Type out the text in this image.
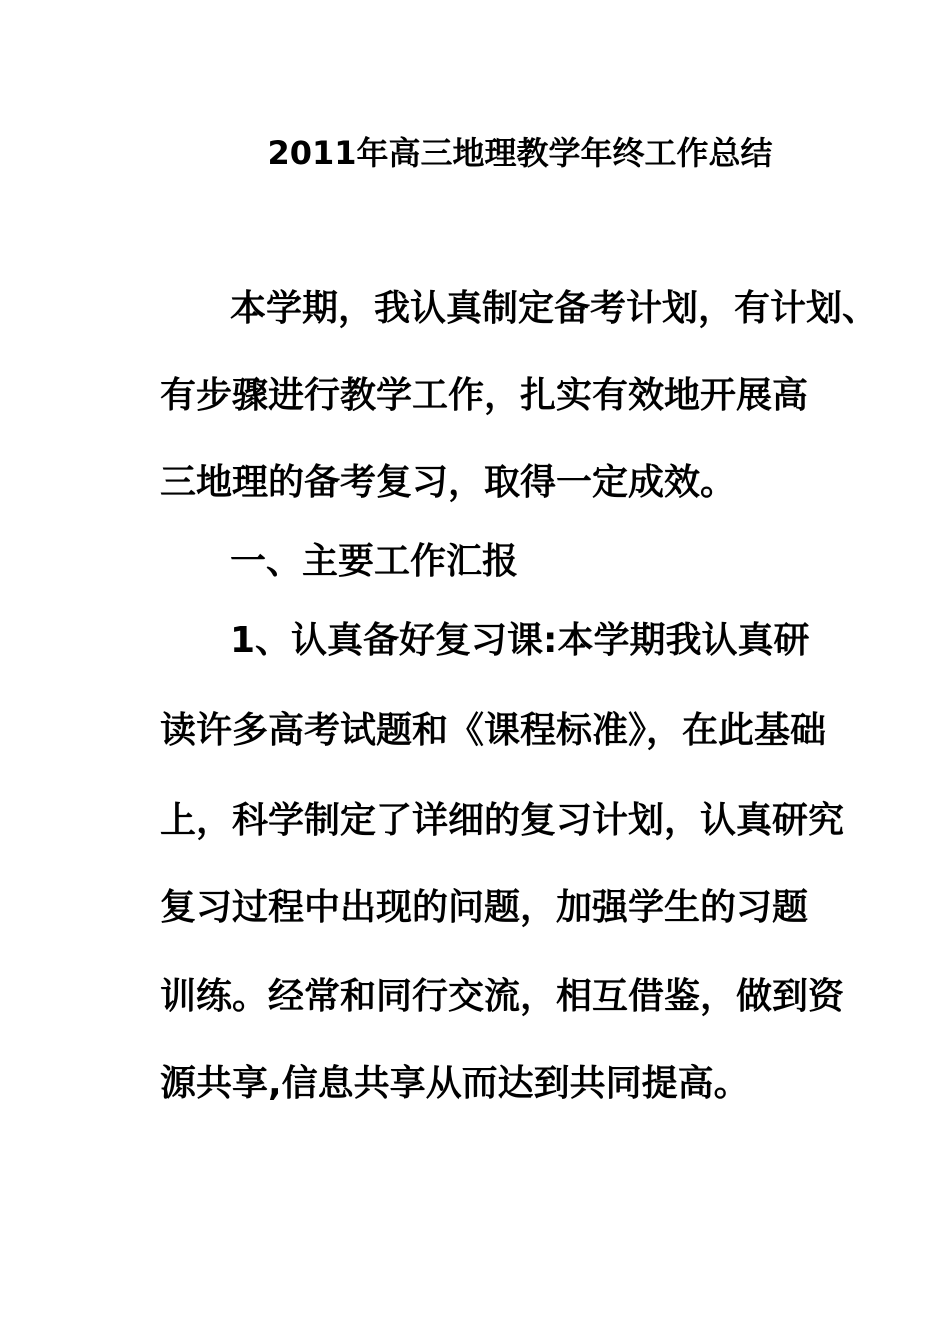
2011年高三地理教学年终工作总结
本学期，我认真制定备考计划，有计划、
有步骤进行教学工作，扎实有效地开展高
三地理的备考复习，取得一定成效。
一、主要工作汇报
1、认真备好复习课:本学期我认真研
读许多高考试题和《课程标准》，在此基础
上，科学制定了详细的复习计划，认真研究
复习过程中出现的问题，加强学生的习题
训练。经常和同行交流，相互借鉴，做到资
源共享,信息共享从而达到共同提高。
